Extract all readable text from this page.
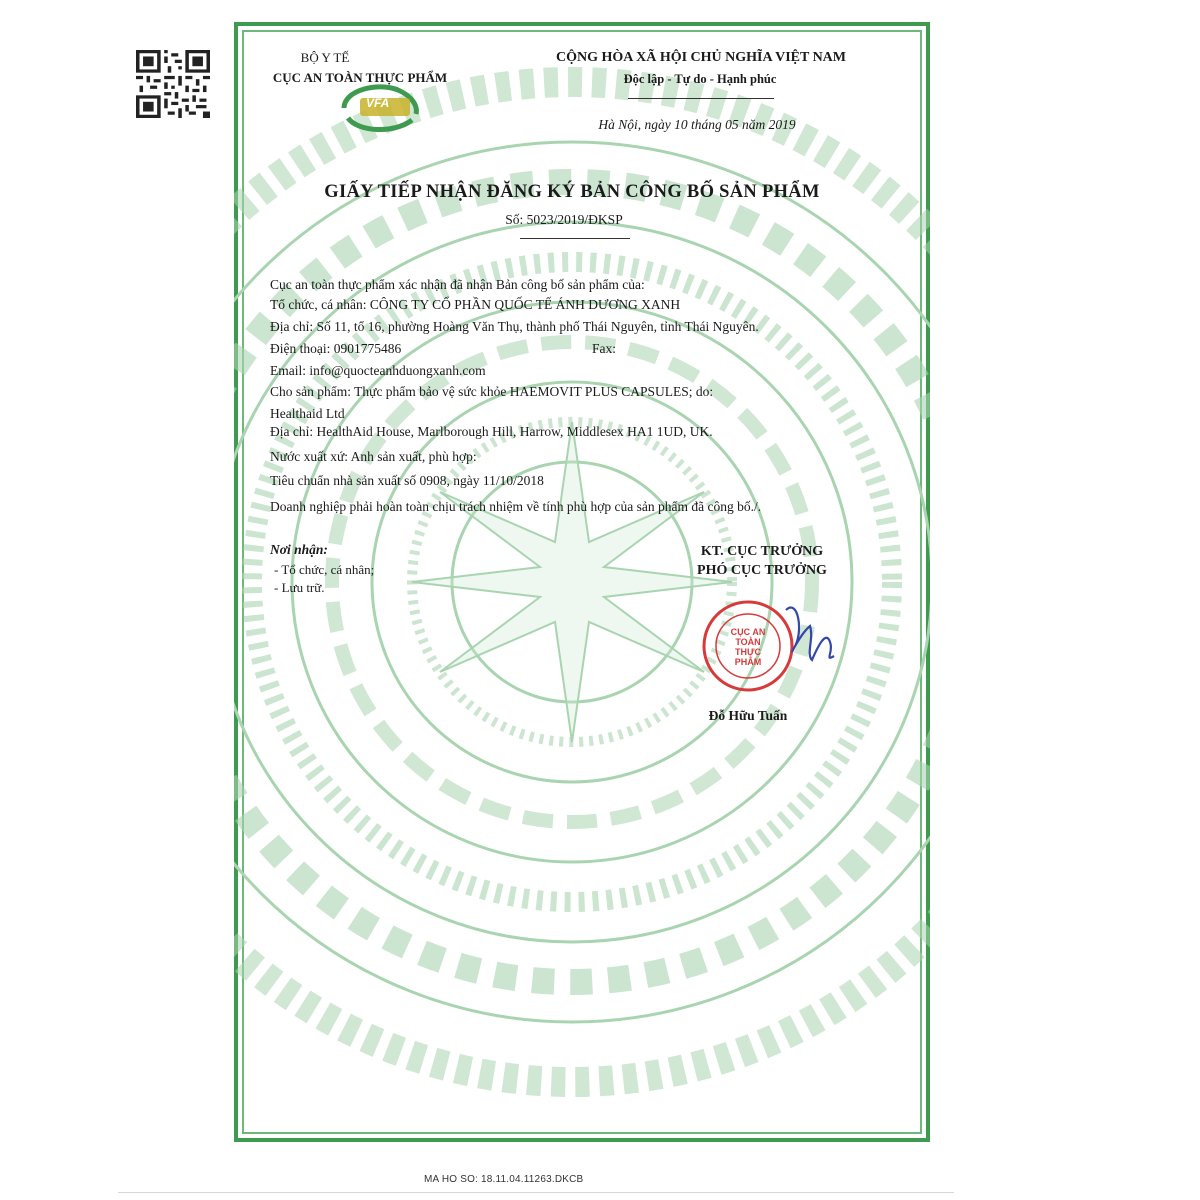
BỘ Y TẾ
CỤC AN TOÀN THỰC PHẨM
VFA
CỘNG HÒA XÃ HỘI CHỦ NGHĨA VIỆT NAM
Độc lập - Tự do - Hạnh phúc
Hà Nội, ngày 10 tháng 05 năm 2019
GIẤY TIẾP NHẬN ĐĂNG KÝ BẢN CÔNG BỐ SẢN PHẨM
Số: 5023/2019/ĐKSP
Cục an toàn thực phẩm xác nhận đã nhận Bản công bố sản phẩm của:
Tổ chức, cá nhân: CÔNG TY CỔ PHẦN QUỐC TẾ ÁNH DƯƠNG XANH
Địa chỉ: Số 11, tổ 16, phường Hoàng Văn Thụ, thành phố Thái Nguyên, tỉnh Thái Nguyên.
Điện thoại: 0901775486	Fax:
Email: info@quocteanhduongxanh.com
Cho sản phẩm: Thực phẩm bảo vệ sức khỏe HAEMOVIT PLUS CAPSULES; do:
Healthaid Ltd
Địa chỉ: HealthAid House, Marlborough Hill, Harrow, Middlesex HA1 1UD, UK.
Nước xuất xứ: Anh sản xuất, phù hợp:
Tiêu chuẩn nhà sản xuất số 0908, ngày 11/10/2018
Doanh nghiệp phải hoàn toàn chịu trách nhiệm về tính phù hợp của sản phẩm đã công bố./.
Nơi nhận:
- Tổ chức, cá nhân;
- Lưu trữ.
KT. CỤC TRƯỞNG
PHÓ CỤC TRƯỞNG
CỤC AN TOÀN THỰC PHẨM
Đỗ Hữu Tuấn
MA HO SO: 18.11.04.11263.DKCB
